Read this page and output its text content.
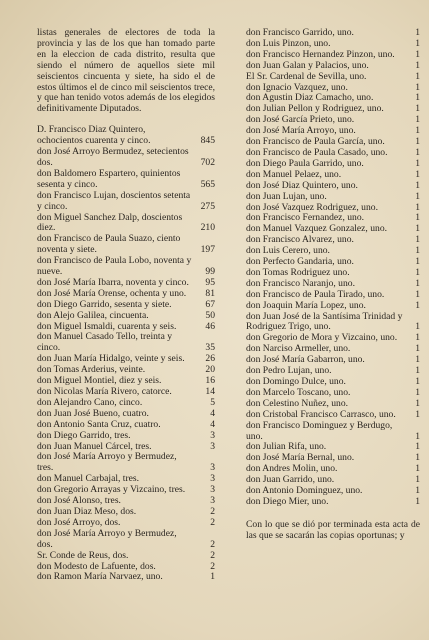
listas generales de electores de toda la provincia y las de los que han tomado parte en la eleccion de cada distrito, resulta que siendo el número de aquellos siete mil seiscientos cincuenta y siete, ha sido el de estos últimos el de cinco mil seiscientos trece, y que han tenido votos además de los elegidos definitivamente Diputados.
D. Francisco Diaz Quintero, ochocientos cuarenta y cinco.	845
don José Arroyo Bermudez, setecientos dos.	702
don Baldomero Espartero, quinientos sesenta y cinco.	565
don Francisco Lujan, doscientos setenta y cinco.	275
don Miguel Sanchez Dalp, doscientos diez.	210
don Francisco de Paula Suazo, ciento noventa y siete.	197
don Francisco de Paula Lobo, noventa y nueve.	99
don José María Ibarra, noventa y cinco.	95
don José María Orense, ochenta y uno.	81
don Diego Garrido, sesenta y siete.	67
don Alejo Galilea, cincuenta.	50
don Miguel Ismaldi, cuarenta y seis.	46
don Manuel Casado Tello, treinta y cinco.	35
don Juan María Hidalgo, veinte y seis.	26
don Tomas Arderius, veinte.	20
don Miguel Montiel, diez y seis.	16
don Nicolas María Rivero, catorce.	14
don Alejandro Cano, cinco.	5
don Juan José Bueno, cuatro.	4
don Antonio Santa Cruz, cuatro.	4
don Diego Garrido, tres.	3
don Juan Manuel Cárcel, tres.	3
don José María Arroyo y Bermudez, tres.	3
don Manuel Carbajal, tres.	3
don Gregorio Arrayas y Vizcaino, tres.	3
don José Alonso, tres.	3
don Juan Diaz Meso, dos.	2
don José Arroyo, dos.	2
don José María Arroyo y Bermudez, dos.	2
Sr. Conde de Reus, dos.	2
don Modesto de Lafuente, dos.	2
don Ramon María Narvaez, uno.	1
don Francisco Garrido, uno.	1
don Luis Pinzon, uno.	1
don Francisco Hernandez Pinzon, uno.	1
don Juan Galan y Palacios, uno.	1
El Sr. Cardenal de Sevilla, uno.	1
don Ignacio Vazquez, uno.	1
don Agustin Diaz Camacho, uno.	1
don Julian Pellon y Rodriguez, uno.	1
don José García Prieto, uno.	1
don José María Arroyo, uno.	1
don Francisco de Paula García, uno.	1
don Francisco de Paula Casado, uno.	1
don Diego Paula Garrido, uno.	1
don Manuel Pelaez, uno.	1
don José Diaz Quintero, uno.	1
don Juan Lujan, uno.	1
don José Vazquez Rodriguez, uno.	1
don Francisco Fernandez, uno.	1
don Manuel Vazquez Gonzalez, uno.	1
don Francisco Alvarez, uno.	1
don Luis Cerero, uno.	1
don Perfecto Gandaria, uno.	1
don Tomas Rodriguez uno.	1
don Francisco Naranjo, uno.	1
don Francisco de Paula Tirado, uno.	1
don Joaquin María Lopez, uno.	1
don Juan José de la Santísima Trinidad y Rodriguez Trigo, uno.	1
don Gregorio de Mora y Vizcaino, uno.	1
don Narciso Armeller, uno.	1
don José María Gabarron, uno.	1
don Pedro Lujan, uno.	1
don Domingo Dulce, uno.	1
don Marcelo Toscano, uno.	1
don Celestino Nuñez, uno.	1
don Cristobal Francisco Carrasco, uno.	1
don Francisco Dominguez y Berdugo, uno.	1
don Julian Rifa, uno.	1
don José María Bernal, uno.	1
don Andres Molin, uno.	1
don Juan Garrido, uno.	1
don Antonio Dominguez, uno.	1
don Diego Mier, uno.	1
Con lo que se dió por terminada esta acta de las que se sacarán las copias oportunas; y
